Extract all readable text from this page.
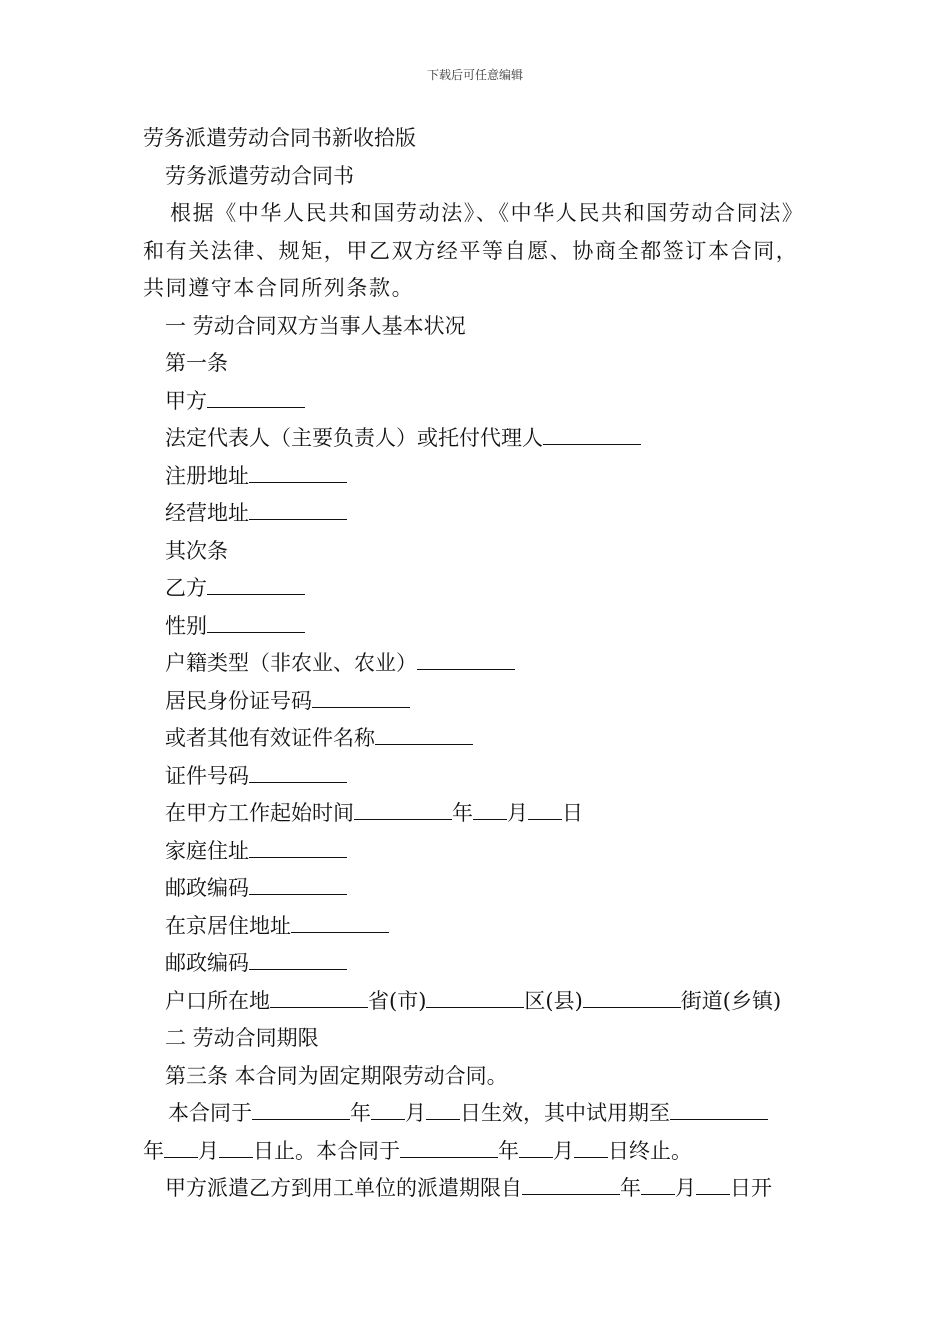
下载后可任意编辑
劳务派遣劳动合同书新收拾版
劳务派遣劳动合同书
根据《中华人民共和国劳动法》、《中华人民共和国劳动合同法》和有关法律、规矩，甲乙双方经平等自愿、协商全都签订本合同，共同遵守本合同所列条款。
一 劳动合同双方当事人基本状况
第一条
甲方
法定代表人（主要负责人）或托付代理人
注册地址
经营地址
其次条
乙方
性别
户籍类型（非农业、农业）
居民身份证号码
或者其他有效证件名称
证件号码
在甲方工作起始时间	年 月 日
家庭住址
邮政编码
在京居住地址
邮政编码
户口所在地	省(市)	区(县)	街道(乡镇)
二 劳动合同期限
第三条 本合同为固定期限劳动合同。
本合同于	年 月 日生效，其中试用期至
年 月 日止。本合同于	年 月 日终止。
甲方派遣乙方到用工单位的派遣期限自	年 月 日开
